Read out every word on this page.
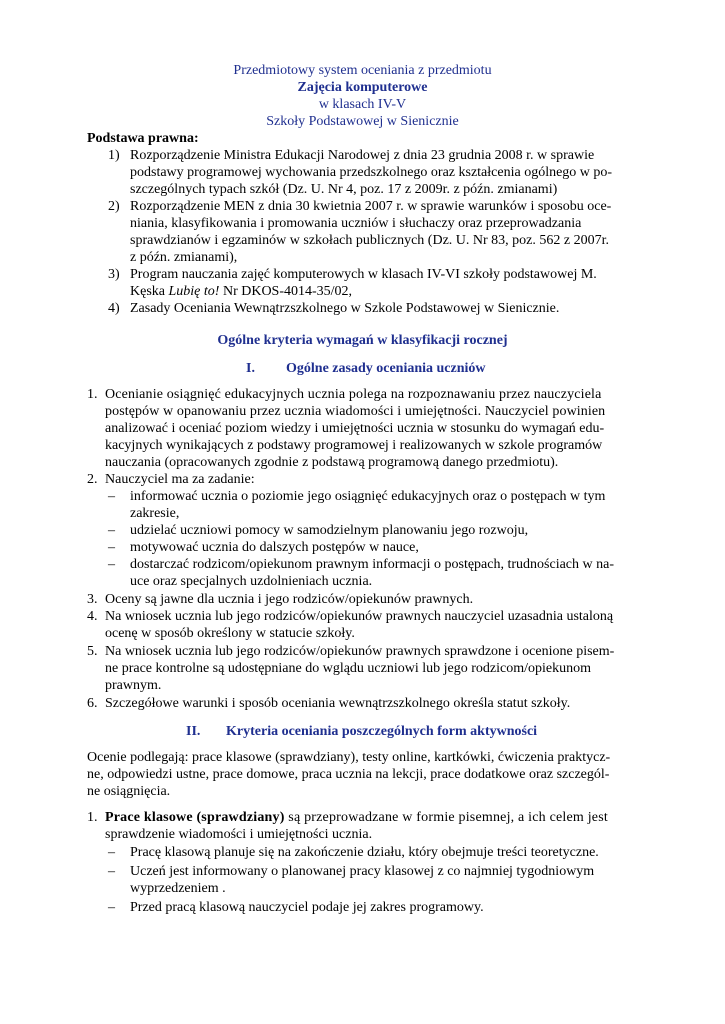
Przedmiotowy system oceniania z przedmiotu
Zajęcia komputerowe
w klasach IV-V
Szkoły Podstawowej w Sienicznie
Podstawa prawna:
1) Rozporządzenie Ministra Edukacji Narodowej z dnia 23 grudnia 2008 r. w sprawie
podstawy programowej wychowania przedszkolnego oraz kształcenia ogólnego w po-
szczególnych typach szkół (Dz. U. Nr 4, poz. 17 z 2009r. z późn. zmianami)
2) Rozporządzenie MEN z dnia 30 kwietnia 2007 r. w sprawie warunków i sposobu oce-
niania, klasyfikowania i promowania uczniów i słuchaczy oraz przeprowadzania
sprawdzianów i egzaminów w szkołach publicznych (Dz. U. Nr 83, poz. 562 z 2007r.
z późn. zmianami),
3) Program nauczania zajęć komputerowych w klasach IV-VI szkoły podstawowej M.
Kęska Lubię to! Nr DKOS-4014-35/02,
4) Zasady Oceniania Wewnątrzszkolnego w Szkole Podstawowej w Sienicznie.
Ogólne kryteria wymagań w klasyfikacji rocznej
I. Ogólne zasady oceniania uczniów
1. Ocenianie osiągnięć edukacyjnych ucznia polega na rozpoznawaniu przez nauczyciela
postępów w opanowaniu przez ucznia wiadomości i umiejętności. Nauczyciel powinien
analizować i oceniać poziom wiedzy i umiejętności ucznia w stosunku do wymagań edu-
kacyjnych wynikających z podstawy programowej i realizowanych w szkole programów
nauczania (opracowanych zgodnie z podstawą programową danego przedmiotu).
2. Nauczyciel ma za zadanie:
– informować ucznia o poziomie jego osiągnięć edukacyjnych oraz o postępach w tym
zakresie,
– udzielać uczniowi pomocy w samodzielnym planowaniu jego rozwoju,
– motywować ucznia do dalszych postępów w nauce,
– dostarczać rodzicom/opiekunom prawnym informacji o postępach, trudnościach w na-
uce oraz specjalnych uzdolnieniach ucznia.
3. Oceny są jawne dla ucznia i jego rodziców/opiekunów prawnych.
4. Na wniosek ucznia lub jego rodziców/opiekunów prawnych nauczyciel uzasadnia ustaloną
ocenę w sposób określony w statucie szkoły.
5. Na wniosek ucznia lub jego rodziców/opiekunów prawnych sprawdzone i ocenione pisem-
ne prace kontrolne są udostępniane do wglądu uczniowi lub jego rodzicom/opiekunom
prawnym.
6. Szczegółowe warunki i sposób oceniania wewnątrzszkolnego określa statut szkoły.
II. Kryteria oceniania poszczególnych form aktywności
Ocenie podlegają: prace klasowe (sprawdziany), testy online, kartkówki, ćwiczenia praktycz-
ne, odpowiedzi ustne, prace domowe, praca ucznia na lekcji, prace dodatkowe oraz szczegól-
ne osiągnięcia.
1. Prace klasowe (sprawdziany) są przeprowadzane w formie pisemnej, a ich celem jest
sprawdzenie wiadomości i umiejętności ucznia.
– Pracę klasową planuje się na zakończenie działu, który obejmuje treści teoretyczne.
– Uczeń jest informowany o planowanej pracy klasowej z co najmniej tygodniowym
wyprzedzeniem .
– Przed pracą klasową nauczyciel podaje jej zakres programowy.
